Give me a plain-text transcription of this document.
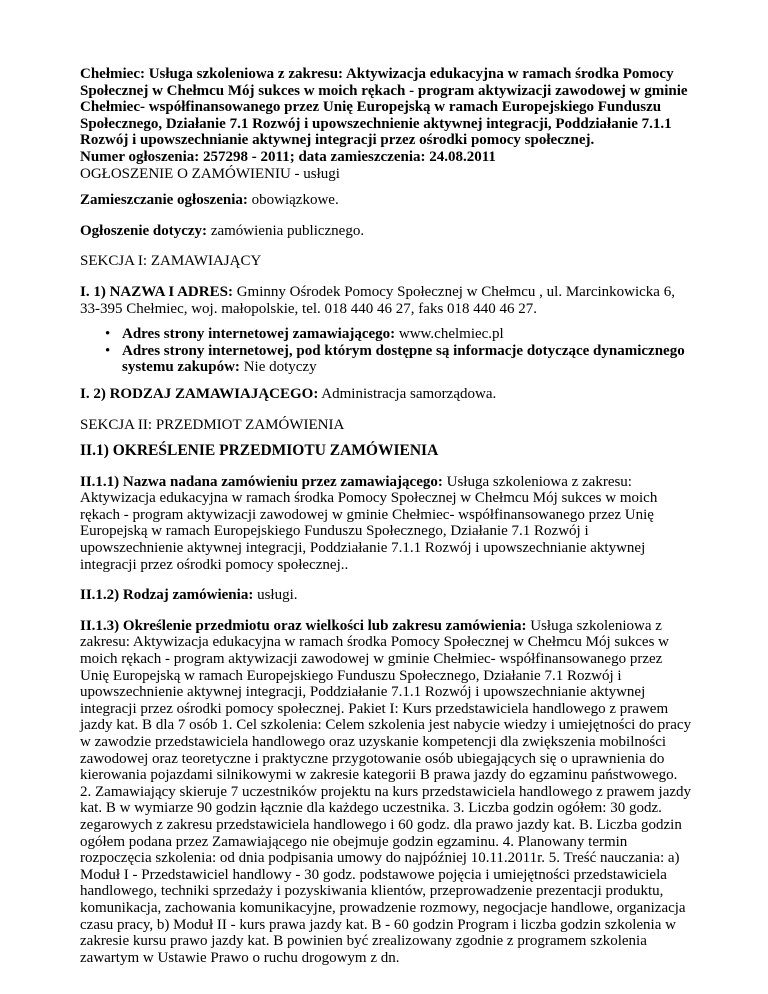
Chełmiec: Usługa szkoleniowa z zakresu: Aktywizacja edukacyjna w ramach środka Pomocy Społecznej w Chełmcu Mój sukces w moich rękach - program aktywizacji zawodowej w gminie Chełmiec- współfinansowanego przez Unię Europejską w ramach Europejskiego Funduszu Społecznego, Działanie 7.1 Rozwój i upowszechnienie aktywnej integracji, Poddziałanie 7.1.1 Rozwój i upowszechnianie aktywnej integracji przez ośrodki pomocy społecznej.

Numer ogłoszenia: 257298 - 2011; data zamieszczenia: 24.08.2011

OGŁOSZENIE O ZAMÓWIENIU - usługi

Zamieszczanie ogłoszenia: obowiązkowe.

Ogłoszenie dotyczy: zamówienia publicznego.

SEKCJA I: ZAMAWIAJĄCY

I. 1) NAZWA I ADRES: Gminny Ośrodek Pomocy Społecznej w Chełmcu , ul. Marcinkowicka 6, 33-395 Chełmiec, woj. małopolskie, tel. 018 440 46 27, faks 018 440 46 27.

• Adres strony internetowej zamawiającego: www.chelmiec.pl
• Adres strony internetowej, pod którym dostępne są informacje dotyczące dynamicznego systemu zakupów: Nie dotyczy

I. 2) RODZAJ ZAMAWIAJĄCEGO: Administracja samorządowa.

SEKCJA II: PRZEDMIOT ZAMÓWIENIA

II.1) OKREŚLENIE PRZEDMIOTU ZAMÓWIENIA

II.1.1) Nazwa nadana zamówieniu przez zamawiającego: Usługa szkoleniowa z zakresu: Aktywizacja edukacyjna w ramach środka Pomocy Społecznej w Chełmcu Mój sukces w moich rękach - program aktywizacji zawodowej w gminie Chełmiec- współfinansowanego przez Unię Europejską w ramach Europejskiego Funduszu Społecznego, Działanie 7.1 Rozwój i upowszechnienie aktywnej integracji, Poddziałanie 7.1.1 Rozwój i upowszechnianie aktywnej integracji przez ośrodki pomocy społecznej..

II.1.2) Rodzaj zamówienia: usługi.

II.1.3) Określenie przedmiotu oraz wielkości lub zakresu zamówienia: Usługa szkoleniowa z zakresu: Aktywizacja edukacyjna w ramach środka Pomocy Społecznej w Chełmcu Mój sukces w moich rękach - program aktywizacji zawodowej w gminie Chełmiec- współfinansowanego przez Unię Europejską w ramach Europejskiego Funduszu Społecznego, Działanie 7.1 Rozwój i upowszechnienie aktywnej integracji, Poddziałanie 7.1.1 Rozwój i upowszechnianie aktywnej integracji przez ośrodki pomocy społecznej. Pakiet I: Kurs przedstawiciela handlowego z prawem jazdy kat. B dla 7 osób 1. Cel szkolenia: Celem szkolenia jest nabycie wiedzy i umiejętności do pracy w zawodzie przedstawiciela handlowego oraz uzyskanie kompetencji dla zwiększenia mobilności zawodowej oraz teoretyczne i praktyczne przygotowanie osób ubiegających się o uprawnienia do kierowania pojazdami silnikowymi w zakresie kategorii B prawa jazdy do egzaminu państwowego. 2. Zamawiający skieruje 7 uczestników projektu na kurs przedstawiciela handlowego z prawem jazdy kat. B w wymiarze 90 godzin łącznie dla każdego uczestnika. 3. Liczba godzin ogółem: 30 godz. zegarowych z zakresu przedstawiciela handlowego i 60 godz. dla prawo jazdy kat. B. Liczba godzin ogółem podana przez Zamawiającego nie obejmuje godzin egzaminu. 4. Planowany termin rozpoczęcia szkolenia: od dnia podpisania umowy do najpóźniej 10.11.2011r. 5. Treść nauczania: a) Moduł I - Przedstawiciel handlowy - 30 godz. podstawowe pojęcia i umiejętności przedstawiciela handlowego, techniki sprzedaży i pozyskiwania klientów, przeprowadzenie prezentacji produktu, komunikacja, zachowania komunikacyjne, prowadzenie rozmowy, negocjacje handlowe, organizacja czasu pracy, b) Moduł II - kurs prawa jazdy kat. B - 60 godzin Program i liczba godzin szkolenia w zakresie kursu prawo jazdy kat. B powinien być zrealizowany zgodnie z programem szkolenia zawartym w Ustawie Prawo o ruchu drogowym z dn.
